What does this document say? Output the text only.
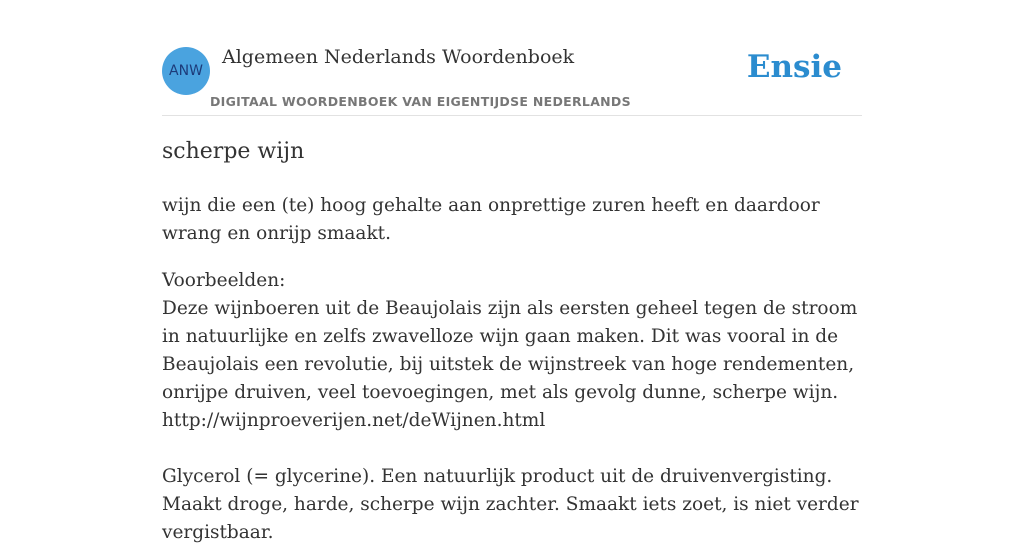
ANW
Algemeen Nederlands Woordenboek
DIGITAAL WOORDENBOEK VAN EIGENTIJDSE NEDERLANDS
Ensie
scherpe wijn

wijn die een (te) hoog gehalte aan onprettige zuren heeft en daardoor wrang en onrijp smaakt.

Voorbeelden:

Deze wijnboeren uit de Beaujolais zijn als eersten geheel tegen de stroom in natuurlijke en zelfs zwavelloze wijn gaan maken. Dit was vooral in de Beaujolais een revolutie, bij uitstek de wijnstreek van hoge rendementen, onrijpe druiven, veel toevoegingen, met als gevolg dunne, scherpe wijn.

http://wijnproeverijen.net/deWijnen.html

Glycerol (= glycerine). Een natuurlijk product uit de druivenvergisting. Maakt droge, harde, scherpe wijn zachter. Smaakt iets zoet, is niet verder vergistbaar.
